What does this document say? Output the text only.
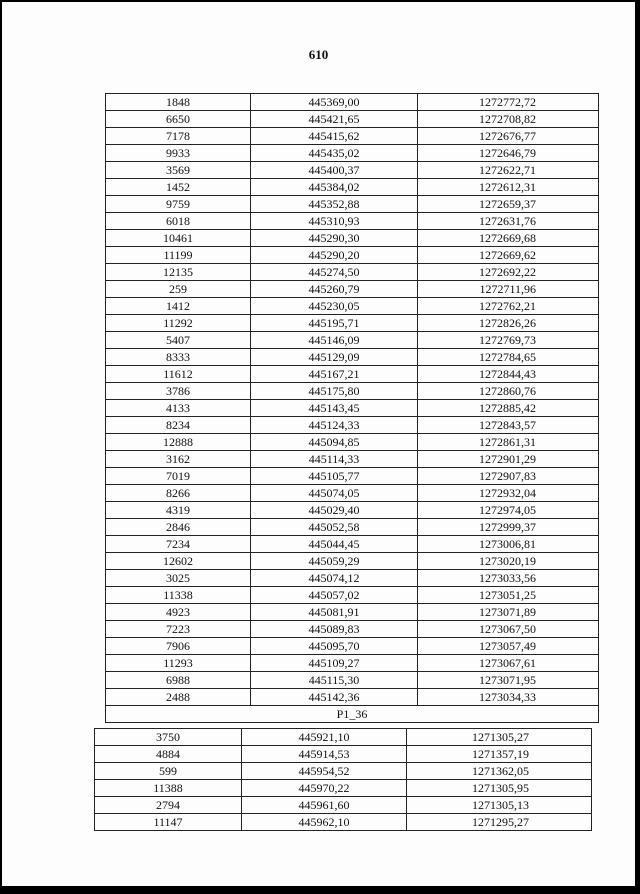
610
1848	445369,00	1272772,72
6650	445421,65	1272708,82
7178	445415,62	1272676,77
9933	445435,02	1272646,79
3569	445400,37	1272622,71
1452	445384,02	1272612,31
9759	445352,88	1272659,37
6018	445310,93	1272631,76
10461	445290,30	1272669,68
11199	445290,20	1272669,62
12135	445274,50	1272692,22
259	445260,79	1272711,96
1412	445230,05	1272762,21
11292	445195,71	1272826,26
5407	445146,09	1272769,73
8333	445129,09	1272784,65
11612	445167,21	1272844,43
3786	445175,80	1272860,76
4133	445143,45	1272885,42
8234	445124,33	1272843,57
12888	445094,85	1272861,31
3162	445114,33	1272901,29
7019	445105,77	1272907,83
8266	445074,05	1272932,04
4319	445029,40	1272974,05
2846	445052,58	1272999,37
7234	445044,45	1273006,81
12602	445059,29	1273020,19
3025	445074,12	1273033,56
11338	445057,02	1273051,25
4923	445081,91	1273071,89
7223	445089,83	1273067,50
7906	445095,70	1273057,49
11293	445109,27	1273067,61
6988	445115,30	1273071,95
2488	445142,36	1273034,33
P1_36		
3750	445921,10	1271305,27
4884	445914,53	1271357,19
599	445954,52	1271362,05
11388	445970,22	1271305,95
2794	445961,60	1271305,13
11147	445962,10	1271295,27
